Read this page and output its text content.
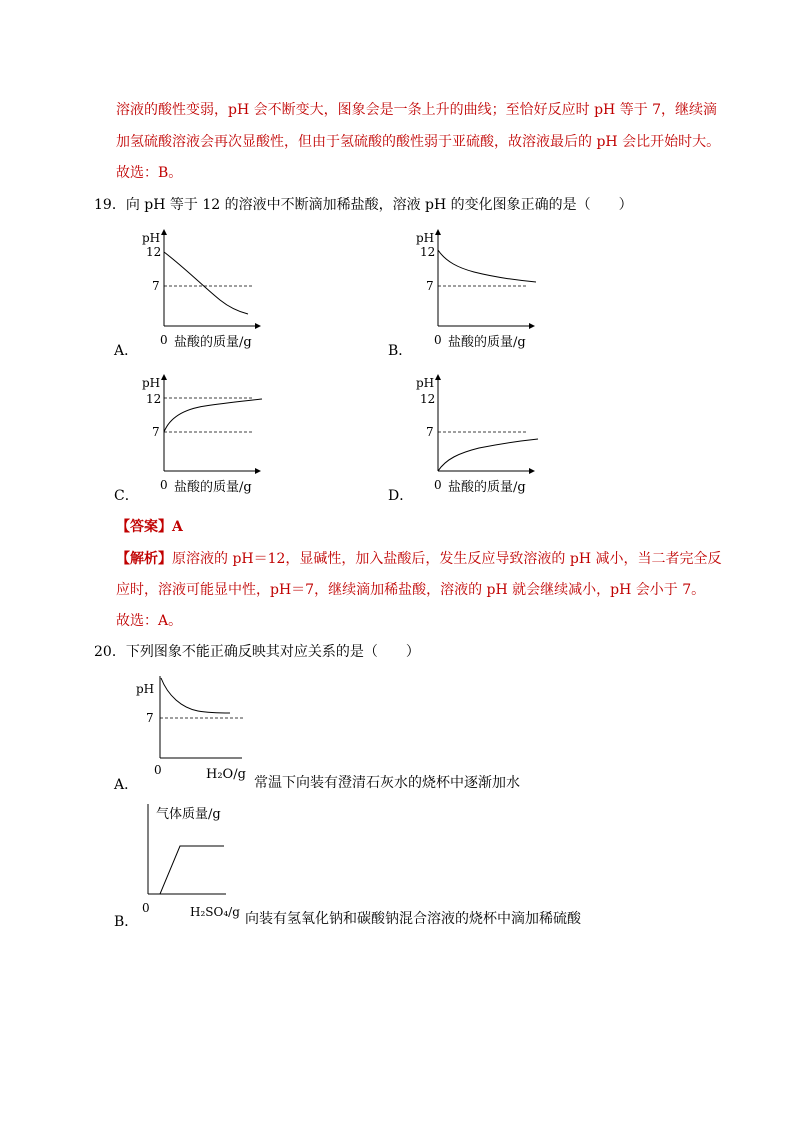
溶液的酸性变弱，pH 会不断变大，图象会是一条上升的曲线；至恰好反应时 pH 等于 7，继续滴
加氢硫酸溶液会再次显酸性，但由于氢硫酸的酸性弱于亚硫酸，故溶液最后的 pH 会比开始时大。
故选：B。
19．向 pH 等于 12 的溶液中不断滴加稀盐酸，溶液 pH 的变化图象正确的是（　　）
pH
12
7
0 盐酸的质量/g
A．
pH
12
7
0 盐酸的质量/g
B．
pH
12
7
0 盐酸的质量/g
C．
pH
12
7
0 盐酸的质量/g
D．
【答案】A
【解析】原溶液的 pH＝12，显碱性，加入盐酸后，发生反应导致溶液的 pH 减小，当二者完全反
应时，溶液可能显中性，pH＝7，继续滴加稀盐酸，溶液的 pH 就会继续减小，pH 会小于 7。
故选：A。
20．下列图象不能正确反映其对应关系的是（　　）
pH
7
0	H₂O/g
A．	常温下向装有澄清石灰水的烧杯中逐渐加水
气体质量/g
0	H₂SO₄/g
B．	向装有氢氧化钠和碳酸钠混合溶液的烧杯中滴加稀硫酸
